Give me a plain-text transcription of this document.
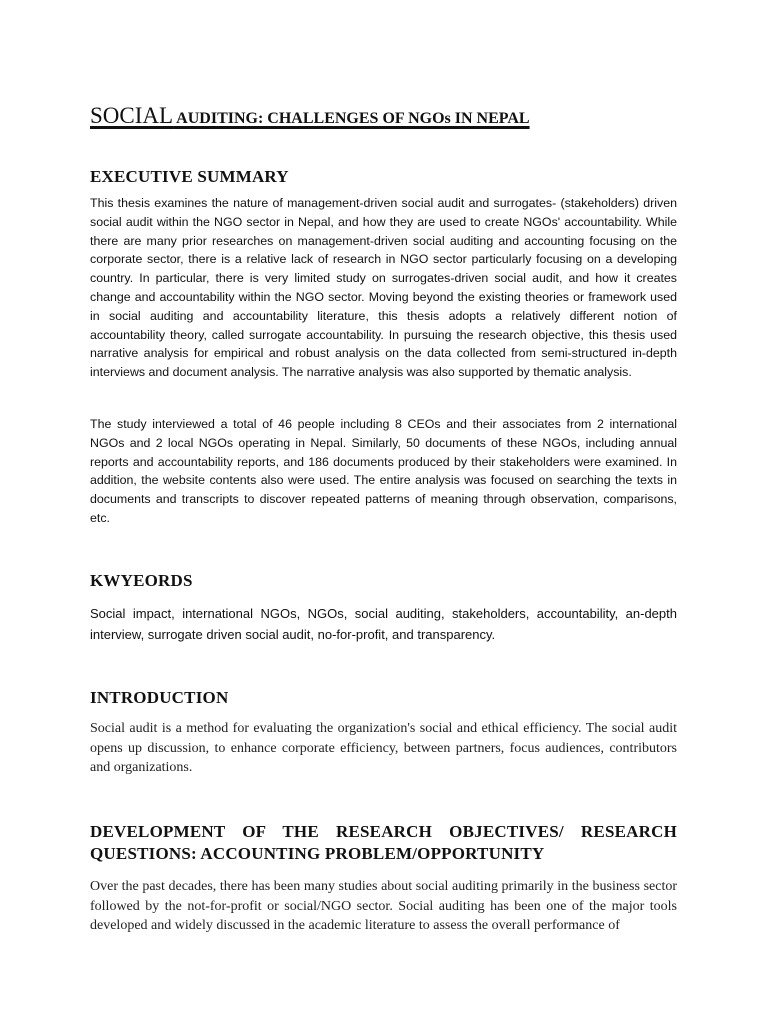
SOCIAL AUDITING: CHALLENGES OF NGOs IN NEPAL
EXECUTIVE SUMMARY

This thesis examines the nature of management-driven social audit and surrogates- (stakeholders) driven social audit within the NGO sector in Nepal, and how they are used to create NGOs' accountability. While there are many prior researches on management-driven social auditing and accounting focusing on the corporate sector, there is a relative lack of research in NGO sector particularly focusing on a developing country. In particular, there is very limited study on surrogates-driven social audit, and how it creates change and accountability within the NGO sector. Moving beyond the existing theories or framework used in social auditing and accountability literature, this thesis adopts a relatively different notion of accountability theory, called surrogate accountability. In pursuing the research objective, this thesis used narrative analysis for empirical and robust analysis on the data collected from semi-structured in-depth interviews and document analysis. The narrative analysis was also supported by thematic analysis.

The study interviewed a total of 46 people including 8 CEOs and their associates from 2 international NGOs and 2 local NGOs operating in Nepal. Similarly, 50 documents of these NGOs, including annual reports and accountability reports, and 186 documents produced by their stakeholders were examined. In addition, the website contents also were used. The entire analysis was focused on searching the texts in documents and transcripts to discover repeated patterns of meaning through observation, comparisons, etc.

KWYEORDS

Social impact, international NGOs, NGOs, social auditing, stakeholders, accountability, an-depth interview, surrogate driven social audit, no-for-profit, and transparency.

INTRODUCTION

Social audit is a method for evaluating the organization's social and ethical efficiency. The social audit opens up discussion, to enhance corporate efficiency, between partners, focus audiences, contributors and organizations.

DEVELOPMENT OF THE RESEARCH OBJECTIVES/ RESEARCH QUESTIONS: ACCOUNTING PROBLEM/OPPORTUNITY

Over the past decades, there has been many studies about social auditing primarily in the business sector followed by the not-for-profit or social/NGO sector. Social auditing has been one of the major tools developed and widely discussed in the academic literature to assess the overall performance of
